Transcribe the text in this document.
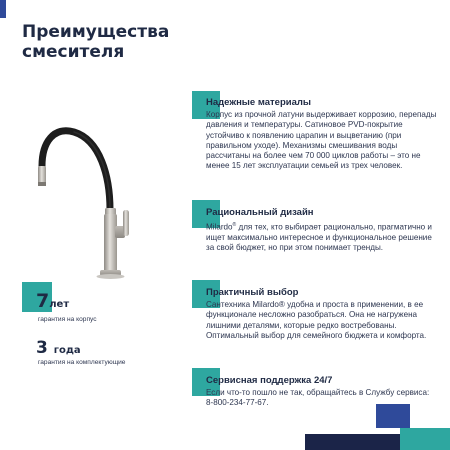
Преимущества смесителя
Надежные материалы
Корпус из прочной латуни выдерживает коррозию, перепады давления и температуры. Сатиновое PVD-покрытие устойчиво к появлению царапин и выцветанию (при правильном уходе). Механизмы смешивания воды рассчитаны на более чем 70 000 циклов работы – это не менее 15 лет эксплуатации семьей из трех человек.
Рациональный дизайн
Milardo® для тех, кто выбирает рационально, прагматично и ищет максимально интересное и функциональное решение за свой бюджет, но при этом понимает тренды.
Практичный выбор
Сантехника Milardo® удобна и проста в применении, в ее функционале несложно разобраться. Она не нагружена лишними деталями, которые редко востребованы. Оптимальный выбор для семейного бюджета и комфорта.
Сервисная поддержка 24/7
Если что-то пошло не так, обращайтесь в Службу сервиса: 8-800-234-77-67.
7лет
гарантия на корпус
3 года
гарантия на комплектующие
